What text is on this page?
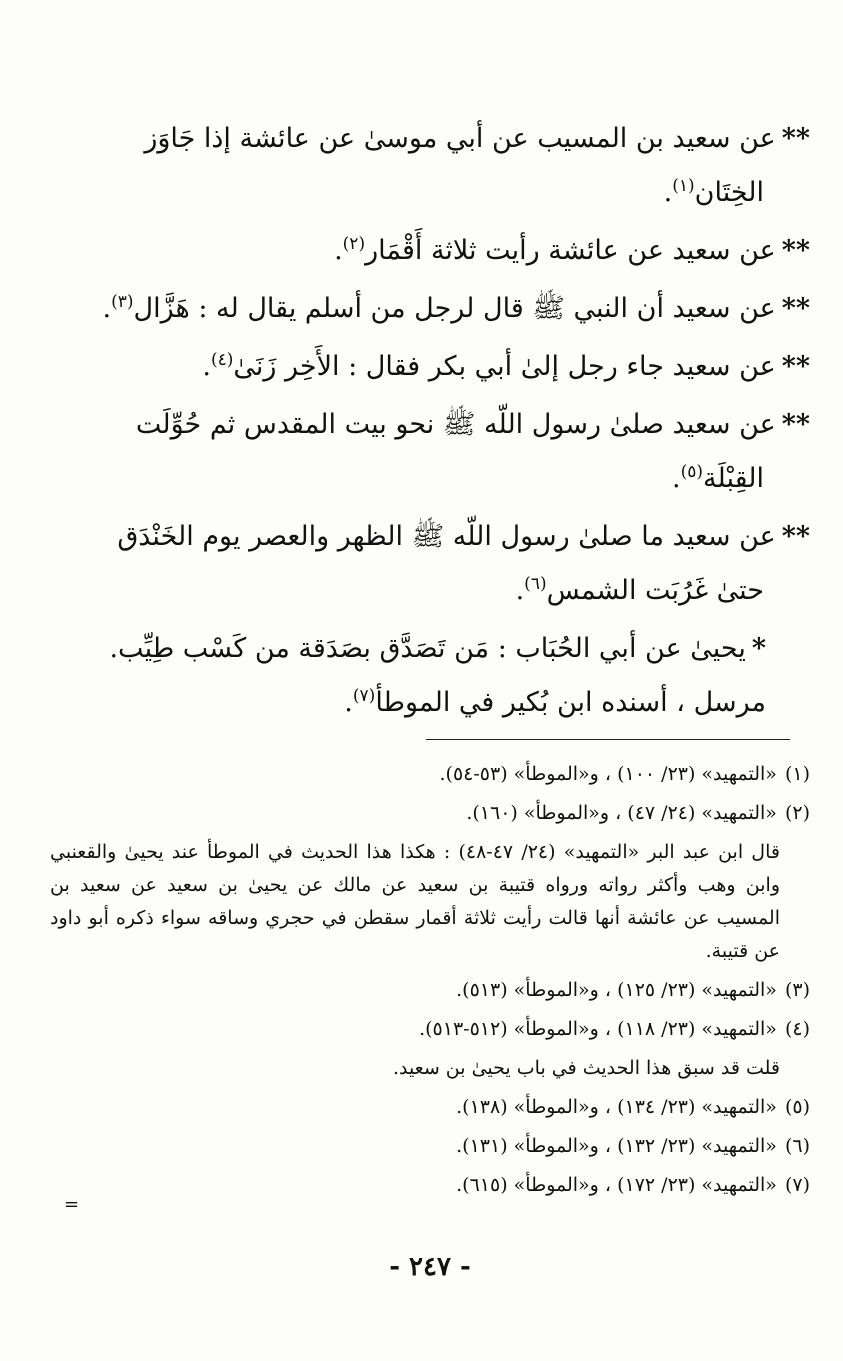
**عن سعيد بن المسيب عن أبي موسىٰ عن عائشة إذا جَاوَز
الخِتَان$^{(١)}$.
**عن سعيد عن عائشة رأيت ثلاثة أَقْمَار$^{(٢)}$.
**عن سعيد أن النبي ﷺ قال لرجل من أسلم يقال له : هَزَّال$^{(٣)}$.
**عن سعيد جاء رجل إلىٰ أبي بكر فقال : الأَخِر زَنَىٰ$^{(٤)}$.
**عن سعيد صلىٰ رسول اللّه ﷺ نحو بيت المقدس ثم حُوِّلَت
القِبْلَة$^{(٥)}$.
**عن سعيد ما صلىٰ رسول اللّه ﷺ الظهر والعصر يوم الخَنْدَق
حتىٰ غَرُبَت الشمس$^{(٦)}$.
*يحيىٰ عن أبي الحُبَاب : مَن تَصَدَّق بصَدَقة من كَسْب طِيِّب.
مرسل ، أسنده ابن بُكير في الموطأ$^{(٧)}$.
(١)«التمهيد» (٢٣/ ١٠٠) ، و«الموطأ» (٥٣-٥٤).
(٢)«التمهيد» (٢٤/ ٤٧) ، و«الموطأ» (١٦٠).
قال ابن عبد البر «التمهيد» (٢٤/ ٤٧-٤٨) : هكذا هذا الحديث في الموطأ عند يحيىٰ والقعنبي وابن وهب وأكثر رواته ورواه قتيبة بن سعيد عن مالك عن يحيىٰ بن سعيد عن سعيد بن المسيب عن عائشة أنها قالت رأيت ثلاثة أقمار سقطن في حجري وساقه سواء ذكره أبو داود عن قتيبة.
(٣)«التمهيد» (٢٣/ ١٢٥) ، و«الموطأ» (٥١٣).
(٤)«التمهيد» (٢٣/ ١١٨) ، و«الموطأ» (٥١٢-٥١٣).
قلت قد سبق هذا الحديث في باب يحيىٰ بن سعيد.
(٥)«التمهيد» (٢٣/ ١٣٤) ، و«الموطأ» (١٣٨).
(٦)«التمهيد» (٢٣/ ١٣٢) ، و«الموطأ» (١٣١).
(٧)«التمهيد» (٢٣/ ١٧٢) ، و«الموطأ» (٦١٥).
=
- ٢٤٧ -
